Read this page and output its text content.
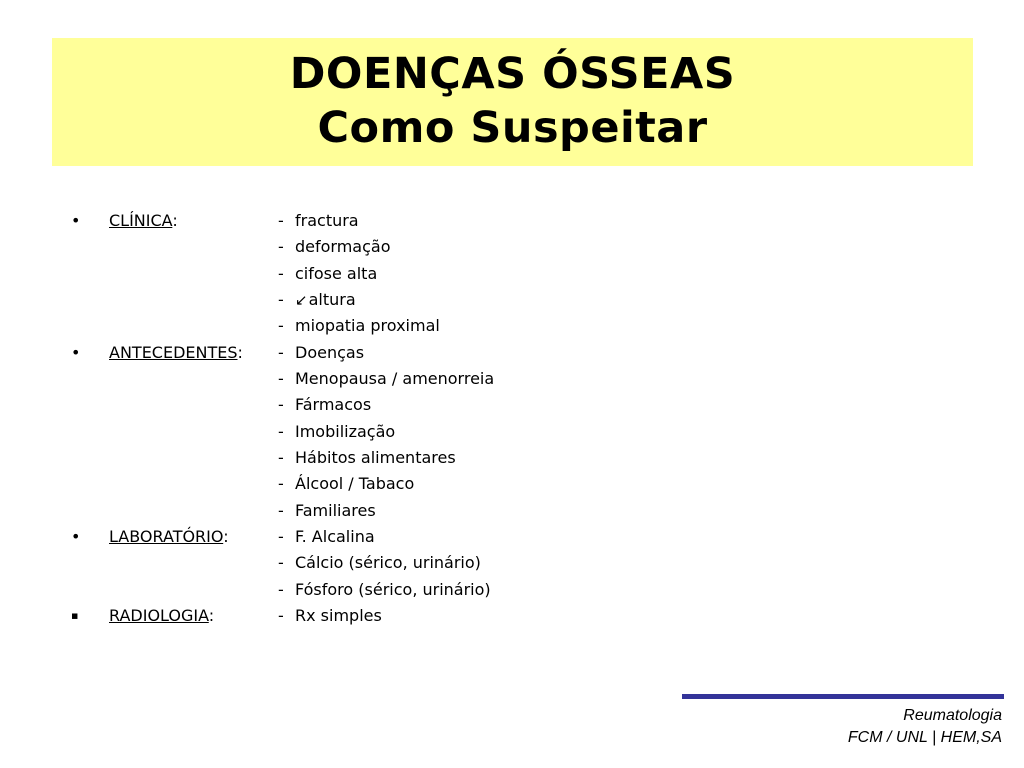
DOENÇAS ÓSSEAS
Como Suspeitar
• CLÍNICA:	- fractura
- deformação
- cifose alta
- ↙altura
- miopatia proximal
• ANTECEDENTES: - Doenças
- Menopausa / amenorreia
- Fármacos
- Imobilização
- Hábitos alimentares
- Álcool / Tabaco
- Familiares
• LABORATÓRIO:	- F. Alcalina
- Cálcio (sérico, urinário)
- Fósforo (sérico, urinário)
▪ RADIOLOGIA:	- Rx simples
Reumatologia
FCM / UNL | HEM,SA
